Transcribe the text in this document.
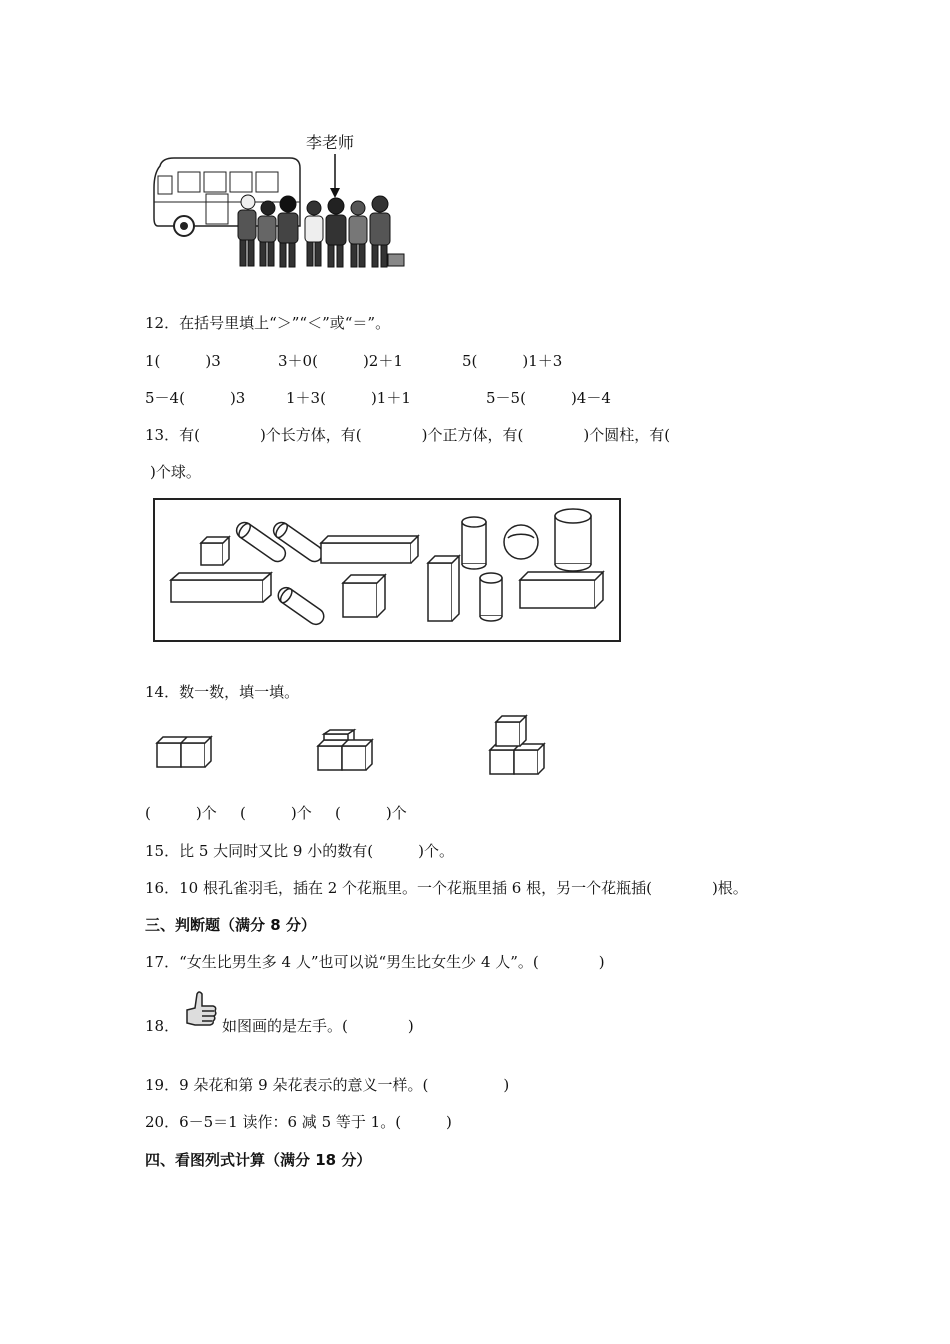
李老师
12．在括号里填上“＞”“＜”或“＝”。
1(　　　)3	3＋0(　　　)2＋1	5(　　　)1＋3
5－4(　　　)3	1＋3(　　　)1＋1	5－5(　　　)4－4
13．有(　　　　)个长方体，有(　　　　)个正方体，有(　　　　)个圆柱，有(
)个球。
14．数一数，填一填。
(　　　)个 (　　　)个 (　　　)个
15．比 5 大同时又比 9 小的数有(　　　)个。
16．10 根孔雀羽毛，插在 2 个花瓶里。一个花瓶里插 6 根，另一个花瓶插(　　　　)根。
三、判断题（满分 8 分）
17．“女生比男生多 4 人”也可以说“男生比女生少 4 人”。(　　　　)
18．	如图画的是左手。(　　　　)
19．9 朵花和第 9 朵花表示的意义一样。(　　　　　)
20．6－5＝1 读作：6 减 5 等于 1。(　　　)
四、看图列式计算（满分 18 分）
